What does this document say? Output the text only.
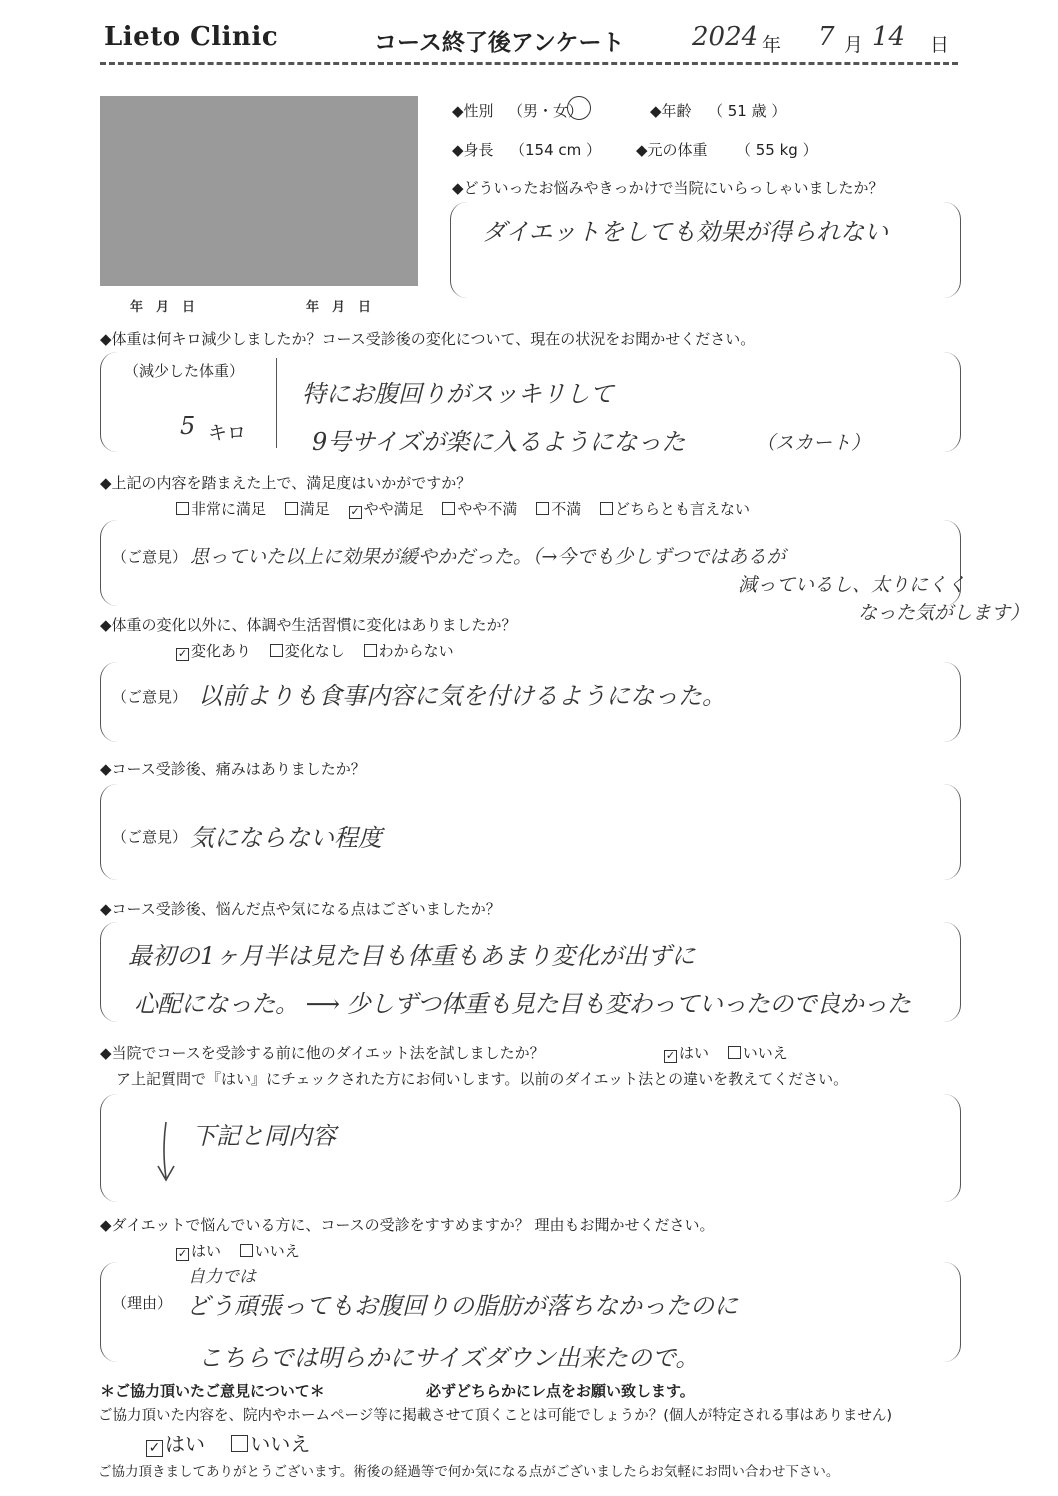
Lieto Clinic	コース終了後アンケート	2024 年 7 月 14 日
年　月　日	年　月　日
◆性別 （男・女）	◆年齢 （ 51 歳 ）
◆身長 （154 cm ） ◆元の体重 （ 55 kg ）
◆どういったお悩みやきっかけで当院にいらっしゃいましたか？
ダイエットをしても効果が得られない
◆体重は何キロ減少しましたか？コース受診後の変化について、現在の状況をお聞かせください。
（減少した体重）
5 キロ
特にお腹回りがスッキリして
9号サイズが楽に入るようになった	（スカート）
◆上記の内容を踏まえた上で、満足度はいかがですか？
非常に満足 満足 ✓ やや満足 やや不満 不満 どちらとも言えない
（ご意見） 思っていた以上に効果が緩やかだった。（→今でも少しずつではあるが
減っているし、太りにくく
なった気がします）
◆体重の変化以外に、体調や生活習慣に変化はありましたか？
✓ 変化あり 変化なし わからない
（ご意見） 以前よりも食事内容に気を付けるようになった。
◆コース受診後、痛みはありましたか？
（ご意見） 気にならない程度
◆コース受診後、悩んだ点や気になる点はございましたか？
最初の1ヶ月半は見た目も体重もあまり変化が出ずに
心配になった。 ⟶ 少しずつ体重も見た目も変わっていったので良かった
◆当院でコースを受診する前に他のダイエット法を試しましたか？	✓ はい いいえ
ア上記質問で『はい』にチェックされた方にお伺いします。以前のダイエット法との違いを教えてください。
下記と同内容
◆ダイエットで悩んでいる方に、コースの受診をすすめますか？ 理由もお聞かせください。
✓ はい いいえ
（理由）
自力では
どう頑張ってもお腹回りの脂肪が落ちなかったのに
こちらでは明らかにサイズダウン出来たので。
＊ご協力頂いたご意見について＊	必ずどちらかにレ点をお願い致します。
ご協力頂いた内容を、院内やホームページ等に掲載させて頂くことは可能でしょうか？(個人が特定される事はありません)
✓ はい いいえ
ご協力頂きましてありがとうございます。術後の経過等で何か気になる点がございましたらお気軽にお問い合わせ下さい。
